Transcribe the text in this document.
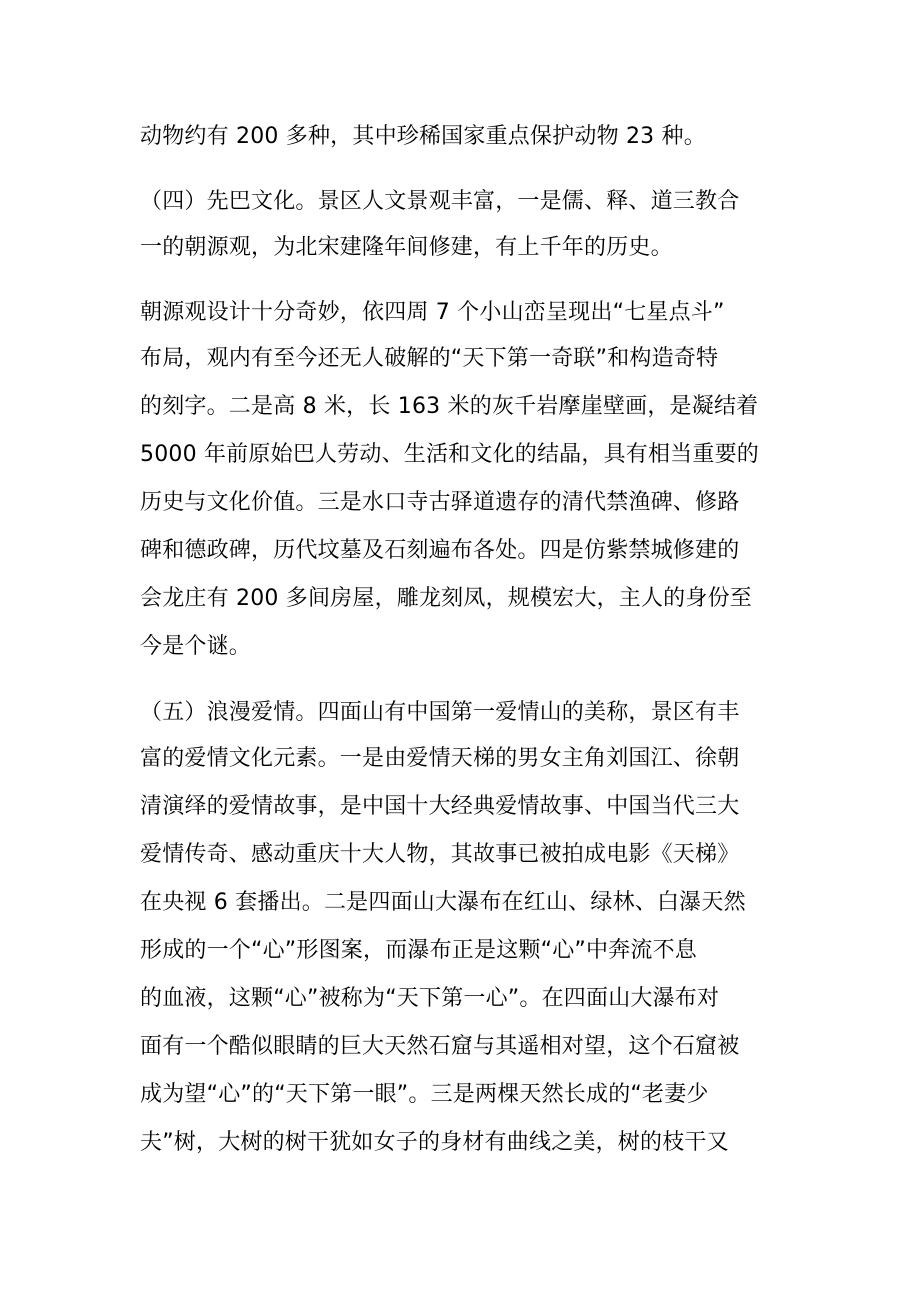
动物约有 200 多种，其中珍稀国家重点保护动物 23 种。
（四）先巴文化。景区人文景观丰富，一是儒、释、道三教合
一的朝源观，为北宋建隆年间修建，有上千年的历史。
朝源观设计十分奇妙，依四周 7 个小山峦呈现出“七星点斗”
布局，观内有至今还无人破解的“天下第一奇联”和构造奇特
的刻字。二是高 8 米，长 163 米的灰千岩摩崖壁画，是凝结着
5000 年前原始巴人劳动、生活和文化的结晶，具有相当重要的
历史与文化价值。三是水口寺古驿道遗存的清代禁渔碑、修路
碑和德政碑，历代坟墓及石刻遍布各处。四是仿紫禁城修建的
会龙庄有 200 多间房屋，雕龙刻凤，规模宏大，主人的身份至
今是个谜。
（五）浪漫爱情。四面山有中国第一爱情山的美称，景区有丰
富的爱情文化元素。一是由爱情天梯的男女主角刘国江、徐朝
清演绎的爱情故事，是中国十大经典爱情故事、中国当代三大
爱情传奇、感动重庆十大人物，其故事已被拍成电影《天梯》
在央视 6 套播出。二是四面山大瀑布在红山、绿林、白瀑天然
形成的一个“心”形图案，而瀑布正是这颗“心”中奔流不息
的血液，这颗“心”被称为“天下第一心”。在四面山大瀑布对
面有一个酷似眼睛的巨大天然石窟与其遥相对望，这个石窟被
成为望“心”的“天下第一眼”。三是两棵天然长成的“老妻少
夫”树，大树的树干犹如女子的身材有曲线之美，树的枝干又
